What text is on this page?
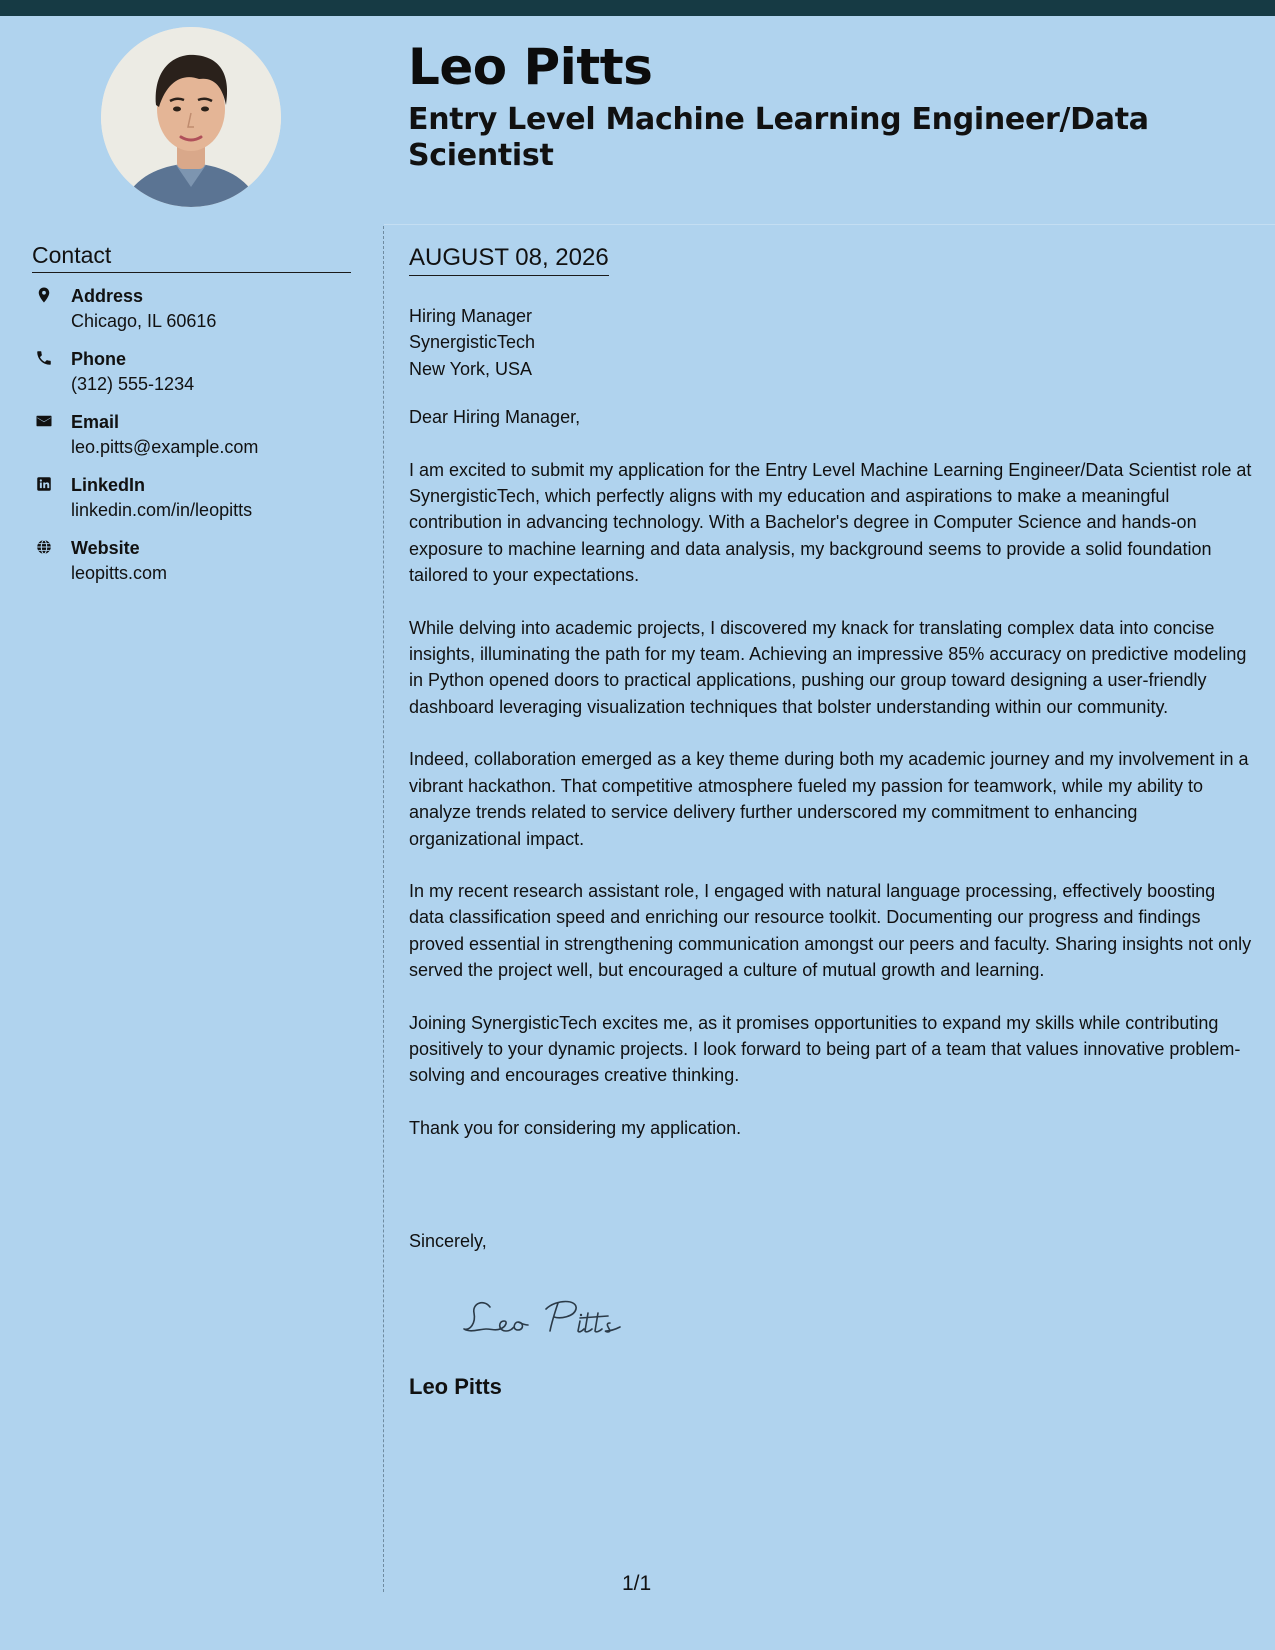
Leo Pitts
Entry Level Machine Learning Engineer/Data Scientist
Contact
Address
Chicago, IL 60616
Phone
(312) 555-1234
Email
leo.pitts@example.com
LinkedIn
linkedin.com/in/leopitts
Website
leopitts.com
AUGUST 08, 2026

Hiring Manager

SynergisticTech

New York, USA

Dear Hiring Manager,

I am excited to submit my application for the Entry Level Machine Learning Engineer/Data Scientist role at SynergisticTech, which perfectly aligns with my education and aspirations to make a meaningful contribution in advancing technology. With a Bachelor's degree in Computer Science and hands-on exposure to machine learning and data analysis, my background seems to provide a solid foundation tailored to your expectations.

While delving into academic projects, I discovered my knack for translating complex data into concise insights, illuminating the path for my team. Achieving an impressive 85% accuracy on predictive modeling in Python opened doors to practical applications, pushing our group toward designing a user-friendly dashboard leveraging visualization techniques that bolster understanding within our community.

Indeed, collaboration emerged as a key theme during both my academic journey and my involvement in a vibrant hackathon. That competitive atmosphere fueled my passion for teamwork, while my ability to analyze trends related to service delivery further underscored my commitment to enhancing organizational impact.

In my recent research assistant role, I engaged with natural language processing, effectively boosting data classification speed and enriching our resource toolkit. Documenting our progress and findings proved essential in strengthening communication amongst our peers and faculty. Sharing insights not only served the project well, but encouraged a culture of mutual growth and learning.

Joining SynergisticTech excites me, as it promises opportunities to expand my skills while contributing positively to your dynamic projects. I look forward to being part of a team that values innovative problem-solving and encourages creative thinking.

Thank you for considering my application.

Sincerely,

Leo Pitts

1/1
